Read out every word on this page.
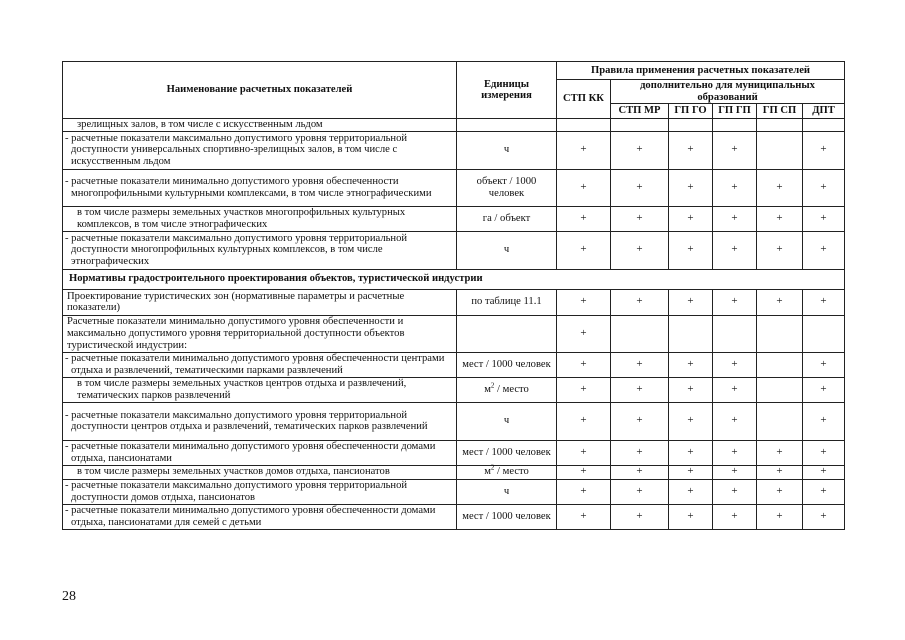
Наименование расчетных показателей	Единицы измерения	Правила применения расчетных показателей					
		СТП КК	дополнительно для муниципальных образований				
			СТП МР	ГП ГО	ГП ГП	ГП СП	ДПТ
зрелищных залов, в том числе с искусственным льдом							
- расчетные показатели максимально допустимого уровня территориальной доступности универсальных спортивно-зрелищных залов, в том числе с искусственным льдом	ч	+	+	+	+		+
- расчетные показатели минимально допустимого уровня обеспеченности многопрофильными культурными комплексами, в том числе этнографическими	объект / 1000 человек	+	+	+	+	+	+
в том числе размеры земельных участков многопрофильных культурных комплексов, в том числе этнографических	га / объект	+	+	+	+	+	+
- расчетные показатели максимально допустимого уровня территориальной доступности многопрофильных культурных комплексов, в том числе этнографических	ч	+	+	+	+	+	+
Нормативы градостроительного проектирования объектов, туристической индустрии							
Проектирование туристических зон (нормативные параметры и расчетные показатели)	по таблице 11.1	+	+	+	+	+	+
Расчетные показатели минимально допустимого уровня обеспеченности и максимально допустимого уровня территориальной доступности объектов туристической индустрии:		+					
- расчетные показатели минимально допустимого уровня обеспеченности центрами отдыха и развлечений, тематическими парками развлечений	мест / 1000 человек	+	+	+	+		+
в том числе размеры земельных участков центров отдыха и развлечений, тематических парков развлечений	$м^2$ / место	+	+	+	+		+
- расчетные показатели максимально допустимого уровня территориальной доступности центров отдыха и развлечений, тематических парков развлечений	ч	+	+	+	+		+
- расчетные показатели минимально допустимого уровня обеспеченности домами отдыха, пансионатами	мест / 1000 человек	+	+	+	+	+	+
в том числе размеры земельных участков домов отдыха, пансионатов	$м^2$ / место	+	+	+	+	+	+
- расчетные показатели максимально допустимого уровня территориальной доступности домов отдыха, пансионатов	ч	+	+	+	+	+	+
- расчетные показатели минимально допустимого уровня обеспеченности домами отдыха, пансионатами для семей с детьми	мест / 1000 человек	+	+	+	+	+	+
28
